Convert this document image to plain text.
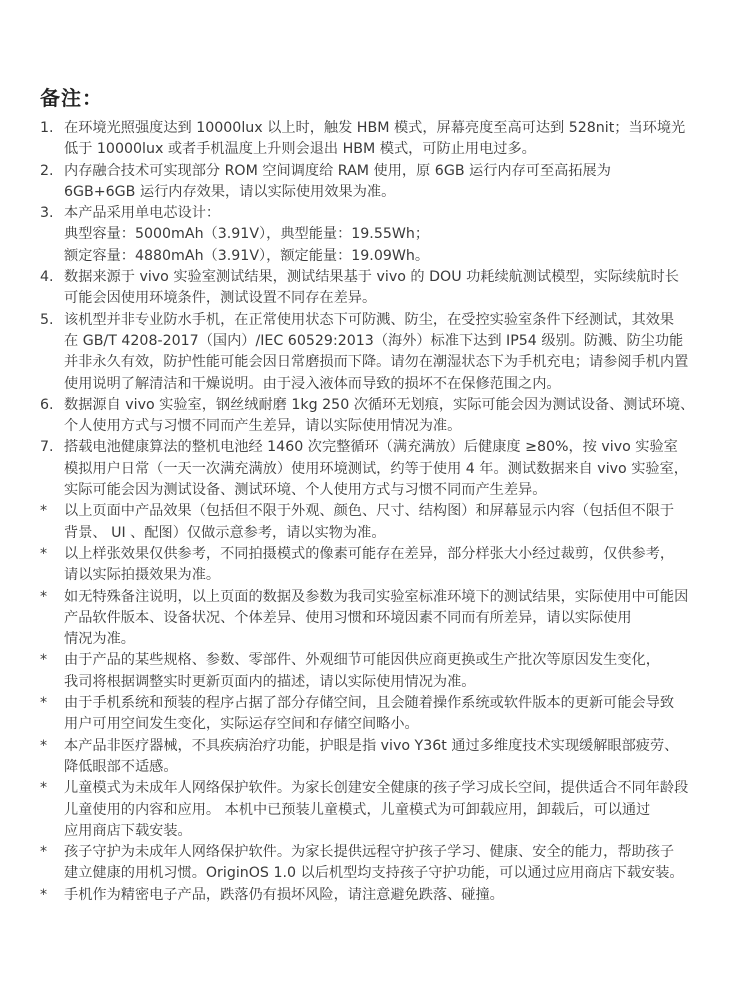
备注：
1. 在环境光照强度达到 10000lux 以上时，触发 HBM 模式，屏幕亮度至高可达到 528nit；当环境光
低于 10000lux 或者手机温度上升则会退出 HBM 模式，可防止用电过多。
2. 内存融合技术可实现部分 ROM 空间调度给 RAM 使用，原 6GB 运行内存可至高拓展为
6GB+6GB 运行内存效果，请以实际使用效果为准。
3. 本产品采用单电芯设计：
典型容量：5000mAh（3.91V），典型能量：19.55Wh；
额定容量：4880mAh（3.91V），额定能量：19.09Wh。
4. 数据来源于 vivo 实验室测试结果，测试结果基于 vivo 的 DOU 功耗续航测试模型，实际续航时长
可能会因使用环境条件，测试设置不同存在差异。
5. 该机型并非专业防水手机，在正常使用状态下可防溅、防尘，在受控实验室条件下经测试，其效果
在 GB/T 4208-2017（国内）/IEC 60529:2013（海外）标准下达到 IP54 级别。防溅、防尘功能
并非永久有效，防护性能可能会因日常磨损而下降。请勿在潮湿状态下为手机充电；请参阅手机内置
使用说明了解清洁和干燥说明。由于浸入液体而导致的损坏不在保修范围之内。
6. 数据源自 vivo 实验室，钢丝绒耐磨 1kg 250 次循环无划痕，实际可能会因为测试设备、测试环境、
个人使用方式与习惯不同而产生差异，请以实际使用情况为准。
7. 搭载电池健康算法的整机电池经 1460 次完整循环（满充满放）后健康度 ≥80%，按 vivo 实验室
模拟用户日常（一天一次满充满放）使用环境测试，约等于使用 4 年。测试数据来自 vivo 实验室，
实际可能会因为测试设备、测试环境、个人使用方式与习惯不同而产生差异。
*	以上页面中产品效果（包括但不限于外观、颜色、尺寸、结构图）和屏幕显示内容（包括但不限于
背景、 UI 、配图）仅做示意参考，请以实物为准。
*	以上样张效果仅供参考，不同拍摄模式的像素可能存在差异，部分样张大小经过裁剪，仅供参考，
请以实际拍摄效果为准。
*	如无特殊备注说明，以上页面的数据及参数为我司实验室标准环境下的测试结果，实际使用中可能因
产品软件版本、设备状况、个体差异、使用习惯和环境因素不同而有所差异，请以实际使用
情况为准。
*	由于产品的某些规格、参数、零部件、外观细节可能因供应商更换或生产批次等原因发生变化，
我司将根据调整实时更新页面内的描述，请以实际使用情况为准。
*	由于手机系统和预装的程序占据了部分存储空间，且会随着操作系统或软件版本的更新可能会导致
用户可用空间发生变化，实际运存空间和存储空间略小。
*	本产品非医疗器械，不具疾病治疗功能，护眼是指 vivo Y36t 通过多维度技术实现缓解眼部疲劳、
降低眼部不适感。
*	儿童模式为未成年人网络保护软件。为家长创建安全健康的孩子学习成长空间，提供适合不同年龄段
儿童使用的内容和应用。 本机中已预装儿童模式，儿童模式为可卸载应用，卸载后，可以通过
应用商店下载安装。
*	孩子守护为未成年人网络保护软件。为家长提供远程守护孩子学习、健康、安全的能力，帮助孩子
建立健康的用机习惯。OriginOS 1.0 以后机型均支持孩子守护功能，可以通过应用商店下载安装。
*	手机作为精密电子产品，跌落仍有损坏风险，请注意避免跌落、碰撞。
